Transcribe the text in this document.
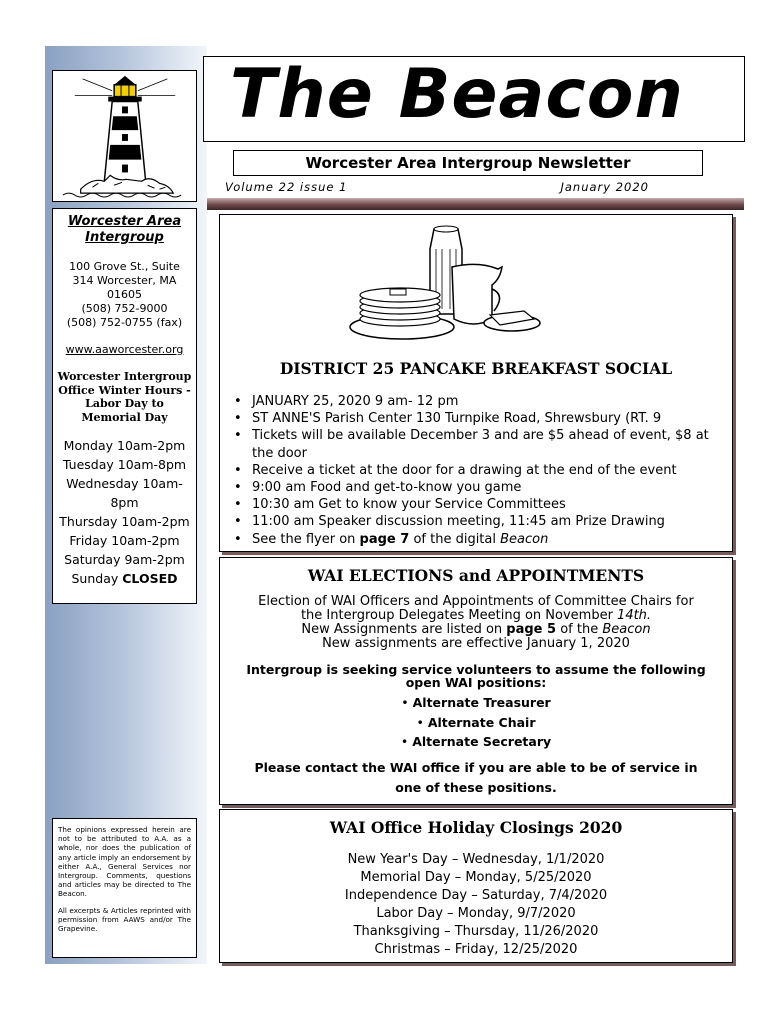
The Beacon
Worcester Area Intergroup Newsletter
Volume 22 issue 1	January 2020
Worcester Area
Intergroup
100 Grove St., Suite
314 Worcester, MA
01605
(508) 752-9000
(508) 752-0755 (fax)
www.aaworcester.org
Worcester Intergroup Office Winter Hours - Labor Day to Memorial Day
Monday 10am-2pm
Tuesday 10am-8pm
Wednesday 10am-8pm
Thursday 10am-2pm
Friday 10am-2pm
Saturday 9am-2pm
Sunday CLOSED

The opinions expressed herein are not to be attributed to A.A. as a whole, nor does the publication of any article imply an endorsement by either A.A., General Services nor Intergroup. Comments, questions and articles may be directed to The Beacon.

All excerpts & Articles reprinted with permission from AAWS and/or The Grapevine.

DISTRICT 25 PANCAKE BREAKFAST SOCIAL
• JANUARY 25, 2020 9 am- 12 pm
• ST ANNE'S Parish Center 130 Turnpike Road, Shrewsbury (RT. 9
• Tickets will be available December 3 and are $5 ahead of event, $8 at the door
• Receive a ticket at the door for a drawing at the end of the event
• 9:00 am Food and get-to-know you game
• 10:30 am Get to know your Service Committees
• 11:00 am Speaker discussion meeting, 11:45 am Prize Drawing
• See the flyer on page 7 of the digital Beacon
WAI ELECTIONS and APPOINTMENTS
Election of WAI Officers and Appointments of Committee Chairs for
the Intergroup Delegates Meeting on November 14th.
New Assignments are listed on page 5 of the Beacon
New assignments are effective January 1, 2020
Intergroup is seeking service volunteers to assume the following
open WAI positions:
• Alternate Treasurer
• Alternate Chair
• Alternate Secretary
Please contact the WAI office if you are able to be of service in
one of these positions.
WAI Office Holiday Closings 2020
New Year's Day – Wednesday, 1/1/2020
Memorial Day – Monday, 5/25/2020
Independence Day – Saturday, 7/4/2020
Labor Day – Monday, 9/7/2020
Thanksgiving – Thursday, 11/26/2020
Christmas – Friday, 12/25/2020
